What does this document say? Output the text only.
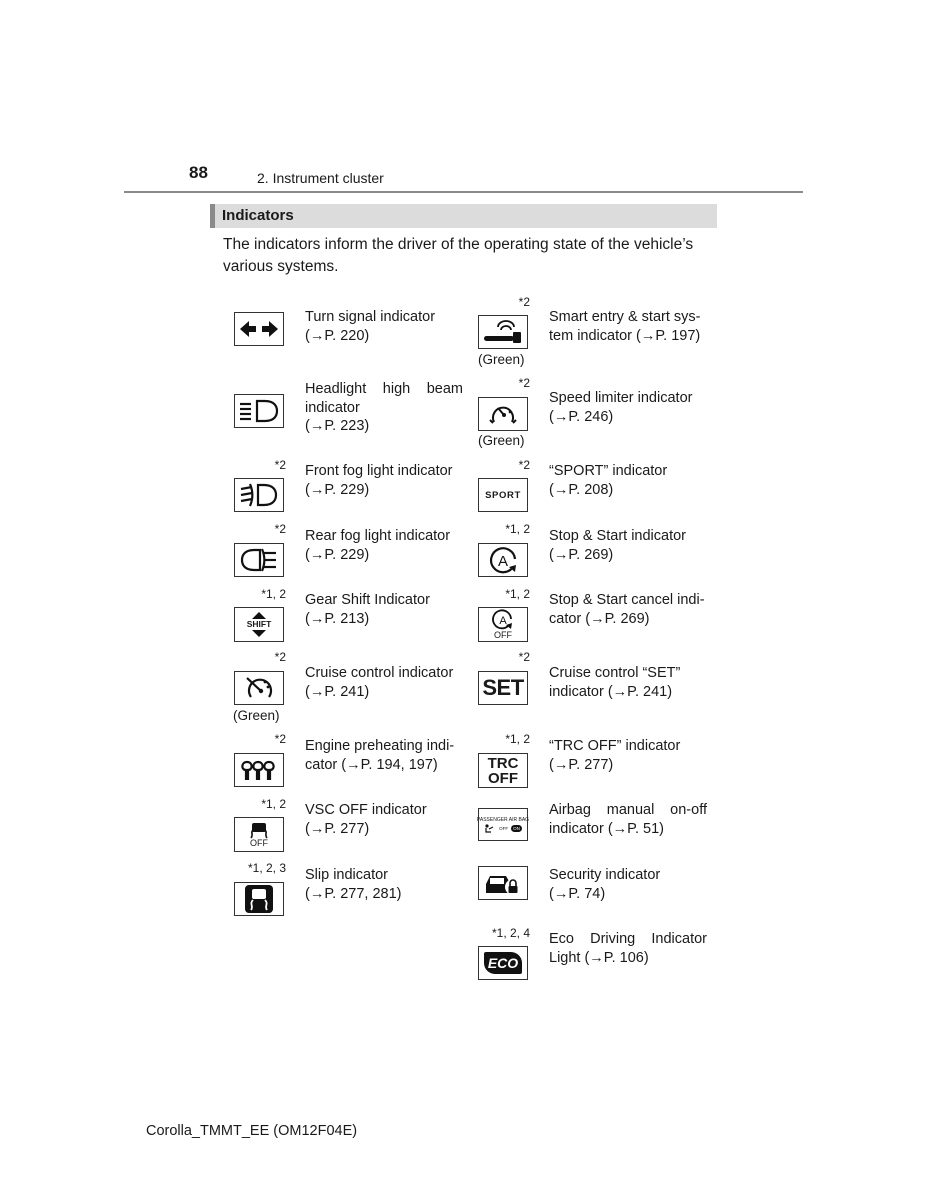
88	2. Instrument cluster
Indicators
The indicators inform the driver of the operating state of the vehicle’s
various systems.
Turn signal indicator
(→P. 220)
Headlight high beam
indicator
(→P. 223)
*2 Front fog light indicator
(→P. 229)
*2 Rear fog light indicator
(→P. 229)
*1, 2
SHIFT
Gear Shift Indicator
(→P. 213)
*2
(Green)
Cruise control indicator
(→P. 241)
*2 Engine preheating indi-
cator (→P. 194, 197)
*1, 2
OFF
VSC OFF indicator
(→P. 277)
*1, 2, 3 Slip indicator
(→P. 277, 281)
*2
(Green)
Smart entry & start sys-
tem indicator (→P. 197)
*2
(Green)
Speed limiter indicator
(→P. 246)
*2
SPORT
“SPORT” indicator
(→P. 208)
*1, 2
A
Stop & Start indicator
(→P. 269)
*1, 2
A
OFF
Stop & Start cancel indi-
cator (→P. 269)
*2
SET
Cruise control “SET”
indicator (→P. 241)
*1, 2
TRC
OFF
“TRC OFF” indicator
(→P. 277)
PASSENGER AIR BAG
OFF	ON
Airbag manual on-off
indicator (→P. 51)
Security indicator
(→P. 74)
*1, 2, 4
ECO
Eco Driving Indicator
Light (→P. 106)
Corolla_TMMT_EE (OM12F04E)
